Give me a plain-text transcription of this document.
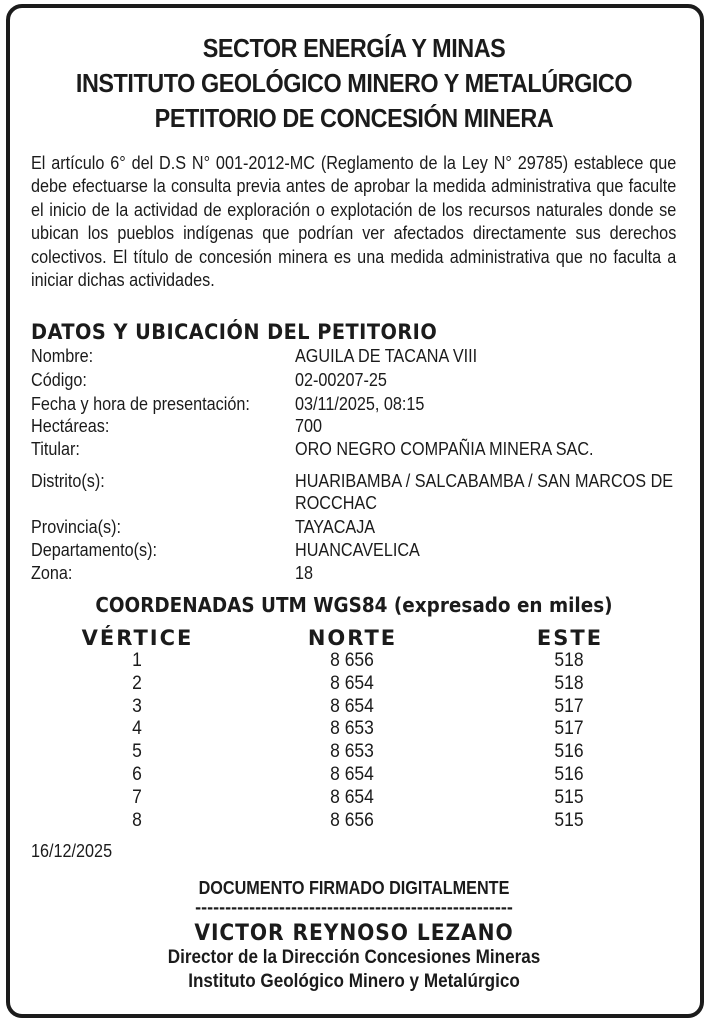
SECTOR ENERGÍA Y MINAS
INSTITUTO GEOLÓGICO MINERO Y METALÚRGICO
PETITORIO DE CONCESIÓN MINERA
El artículo 6° del D.S N° 001-2012-MC (Reglamento de la Ley N° 29785) establece que debe efectuarse la consulta previa antes de aprobar la medida administrativa que faculte el inicio de la actividad de exploración o explotación de los recursos naturales donde se ubican los pueblos indígenas que podrían ver afectados directamente sus derechos colectivos. El título de concesión minera es una medida administrativa que no faculta a iniciar dichas actividades.
DATOS Y UBICACIÓN DEL PETITORIO
Nombre:	AGUILA DE TACANA VIII
Código:	02-00207-25
Fecha y hora de presentación:	03/11/2025, 08:15
Hectáreas:	700
Titular:	ORO NEGRO COMPAÑIA MINERA SAC.
Distrito(s):	HUARIBAMBA / SALCABAMBA / SAN MARCOS DE ROCCHAC
Provincia(s):	TAYACAJA
Departamento(s):	HUANCAVELICA
Zona:	18
COORDENADAS UTM WGS84 (expresado en miles)
VÉRTICE	NORTE	ESTE
1	8 656	518
2	8 654	518
3	8 654	517
4	8 653	517
5	8 653	516
6	8 654	516
7	8 654	515
8	8 656	515
16/12/2025
DOCUMENTO FIRMADO DIGITALMENTE
-----------------------------------------------------
VICTOR REYNOSO LEZANO
Director de la Dirección Concesiones Mineras
Instituto Geológico Minero y Metalúrgico
